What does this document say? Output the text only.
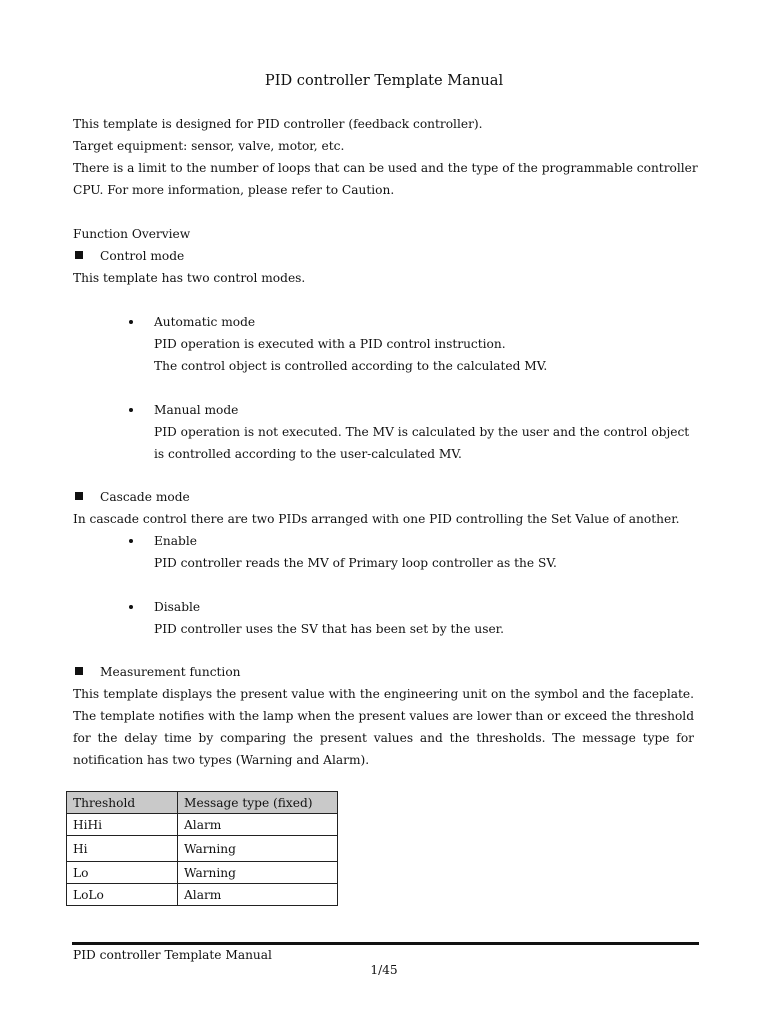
PID controller Template Manual
This template is designed for PID controller (feedback controller).
Target equipment: sensor, valve, motor, etc.
There is a limit to the number of loops that can be used and the type of the programmable controller
CPU. For more information, please refer to Caution.
Function Overview
Control mode
This template has two control modes.
Automatic mode
PID operation is executed with a PID control instruction.
The control object is controlled according to the calculated MV.
Manual mode
PID operation is not executed. The MV is calculated by the user and the control object
is controlled according to the user-calculated MV.
Cascade mode
In cascade control there are two PIDs arranged with one PID controlling the Set Value of another.
Enable
PID controller reads the MV of Primary loop controller as the SV.
Disable
PID controller uses the SV that has been set by the user.
Measurement function
This template displays the present value with the engineering unit on the symbol and the faceplate.
The template notifies with the lamp when the present values are lower than or exceed the threshold
for the delay time by comparing the present values and the thresholds. The message type for
notification has two types (Warning and Alarm).
Threshold	Message type (fixed)
HiHi	Alarm
Hi	Warning
Lo	Warning
LoLo	Alarm
PID controller Template Manual
1/45
